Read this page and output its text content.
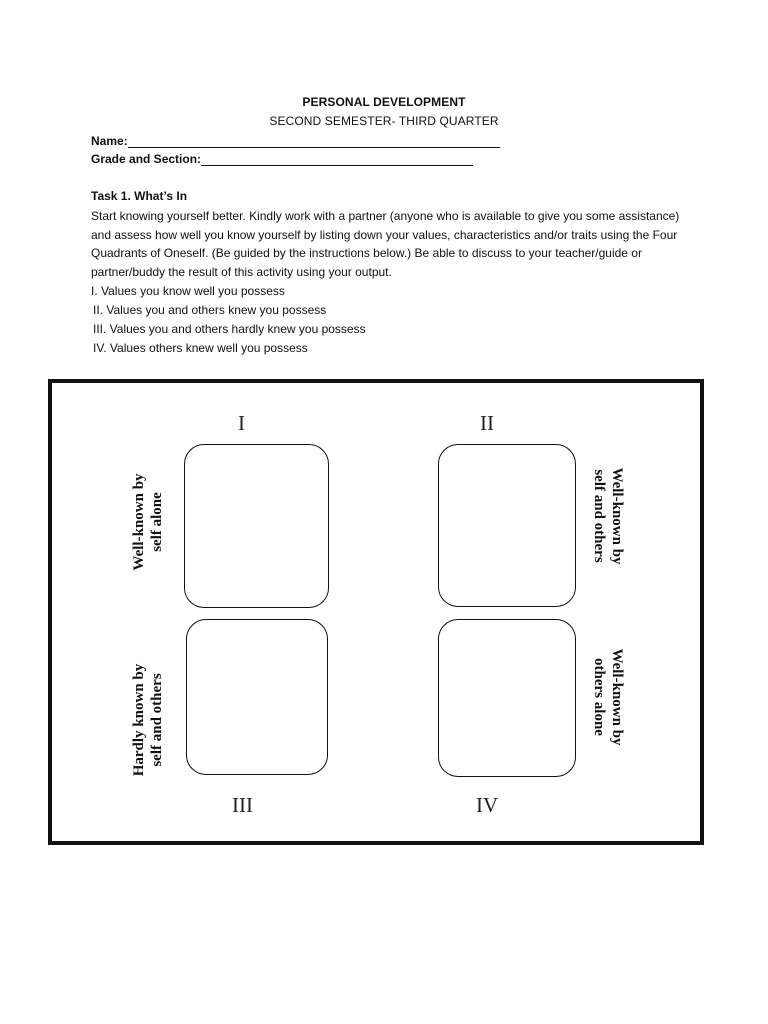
PERSONAL DEVELOPMENT
SECOND SEMESTER- THIRD QUARTER
Name:
Grade and Section:
Task 1. What’s In
Start knowing yourself better. Kindly work with a partner (anyone who is available to give you some assistance) and assess how well you know yourself by listing down your values, characteristics and/or traits using the Four Quadrants of Oneself. (Be guided by the instructions below.) Be able to discuss to your teacher/guide or partner/buddy the result of this activity using your output.
I. Values you know well you possess
II. Values you and others knew you possess
III. Values you and others hardly knew you possess
IV. Values others knew well you possess
I
Well-known by self alone
II
Well-known by
self and others
III
Hardly known by self and others
IV
Well-known by
others alone
